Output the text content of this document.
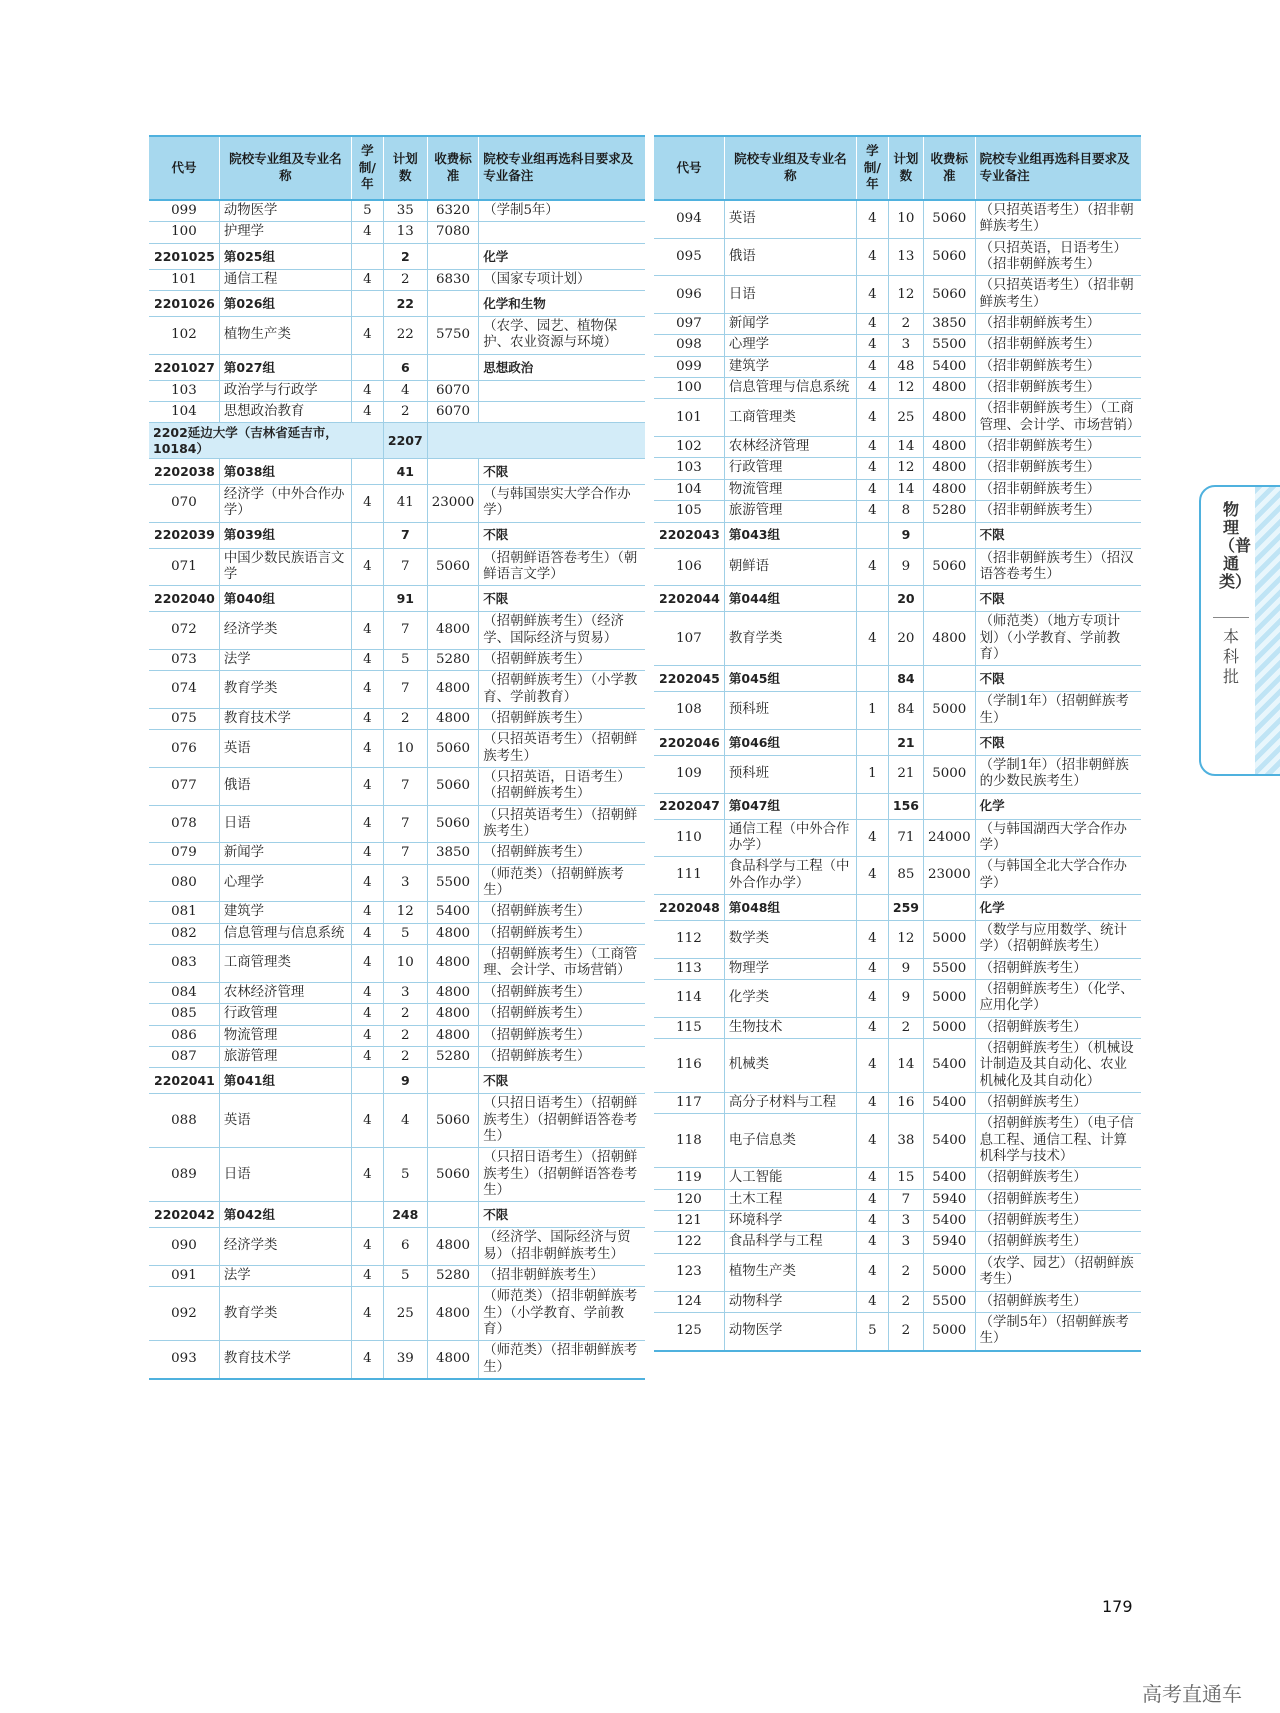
代号	院校专业组及专业名称	学制/年	计划数	收费标准	院校专业组再选科目要求及专业备注
099	动物医学	5	35	6320	（学制5年）
100	护理学	4	13	7080	
2201025	第025组		2		化学
101	通信工程	4	2	6830	（国家专项计划）
2201026	第026组		22		化学和生物
102	植物生产类	4	22	5750	（农学、园艺、植物保护、农业资源与环境）
2201027	第027组		6		思想政治
103	政治学与行政学	4	4	6070	
104	思想政治教育	4	2	6070	
2202延边大学（吉林省延吉市，10184）			2207		
2202038	第038组		41		不限
070	经济学（中外合作办学）	4	41	23000	（与韩国崇实大学合作办学）
2202039	第039组		7		不限
071	中国少数民族语言文学	4	7	5060	（招朝鲜语答卷考生）（朝鲜语言文学）
2202040	第040组		91		不限
072	经济学类	4	7	4800	（招朝鲜族考生）（经济学、国际经济与贸易）
073	法学	4	5	5280	（招朝鲜族考生）
074	教育学类	4	7	4800	（招朝鲜族考生）（小学教育、学前教育）
075	教育技术学	4	2	4800	（招朝鲜族考生）
076	英语	4	10	5060	（只招英语考生）（招朝鲜族考生）
077	俄语	4	7	5060	（只招英语，日语考生）（招朝鲜族考生）
078	日语	4	7	5060	（只招英语考生）（招朝鲜族考生）
079	新闻学	4	7	3850	（招朝鲜族考生）
080	心理学	4	3	5500	（师范类）（招朝鲜族考生）
081	建筑学	4	12	5400	（招朝鲜族考生）
082	信息管理与信息系统	4	5	4800	（招朝鲜族考生）
083	工商管理类	4	10	4800	（招朝鲜族考生）（工商管理、会计学、市场营销）
084	农林经济管理	4	3	4800	（招朝鲜族考生）
085	行政管理	4	2	4800	（招朝鲜族考生）
086	物流管理	4	2	4800	（招朝鲜族考生）
087	旅游管理	4	2	5280	（招朝鲜族考生）
2202041	第041组		9		不限
088	英语	4	4	5060	（只招日语考生）（招朝鲜族考生）（招朝鲜语答卷考生）
089	日语	4	5	5060	（只招日语考生）（招朝鲜族考生）（招朝鲜语答卷考生）
2202042	第042组		248		不限
090	经济学类	4	6	4800	（经济学、国际经济与贸易）（招非朝鲜族考生）
091	法学	4	5	5280	（招非朝鲜族考生）
092	教育学类	4	25	4800	（师范类）（招非朝鲜族考生）（小学教育、学前教育）
093	教育技术学	4	39	4800	（师范类）（招非朝鲜族考生）
代号	院校专业组及专业名称	学制/年	计划数	收费标准	院校专业组再选科目要求及专业备注
094	英语	4	10	5060	（只招英语考生）（招非朝鲜族考生）
095	俄语	4	13	5060	（只招英语，日语考生）（招非朝鲜族考生）
096	日语	4	12	5060	（只招英语考生）（招非朝鲜族考生）
097	新闻学	4	2	3850	（招非朝鲜族考生）
098	心理学	4	3	5500	（招非朝鲜族考生）
099	建筑学	4	48	5400	（招非朝鲜族考生）
100	信息管理与信息系统	4	12	4800	（招非朝鲜族考生）
101	工商管理类	4	25	4800	（招非朝鲜族考生）（工商管理、会计学、市场营销）
102	农林经济管理	4	14	4800	（招非朝鲜族考生）
103	行政管理	4	12	4800	（招非朝鲜族考生）
104	物流管理	4	14	4800	（招非朝鲜族考生）
105	旅游管理	4	8	5280	（招非朝鲜族考生）
2202043	第043组		9		不限
106	朝鲜语	4	9	5060	（招非朝鲜族考生）（招汉语答卷考生）
2202044	第044组		20		不限
107	教育学类	4	20	4800	（师范类）（地方专项计划）（小学教育、学前教育）
2202045	第045组		84		不限
108	预科班	1	84	5000	（学制1年）（招朝鲜族考生）
2202046	第046组		21		不限
109	预科班	1	21	5000	（学制1年）（招非朝鲜族的少数民族考生）
2202047	第047组		156		化学
110	通信工程（中外合作办学）	4	71	24000	（与韩国湖西大学合作办学）
111	食品科学与工程（中外合作办学）	4	85	23000	（与韩国全北大学合作办学）
2202048	第048组		259		化学
112	数学类	4	12	5000	（数学与应用数学、统计学）（招朝鲜族考生）
113	物理学	4	9	5500	（招朝鲜族考生）
114	化学类	4	9	5000	（招朝鲜族考生）（化学、应用化学）
115	生物技术	4	2	5000	（招朝鲜族考生）
116	机械类	4	14	5400	（招朝鲜族考生）（机械设计制造及其自动化、农业机械化及其自动化）
117	高分子材料与工程	4	16	5400	（招朝鲜族考生）
118	电子信息类	4	38	5400	（招朝鲜族考生）（电子信息工程、通信工程、计算机科学与技术）
119	人工智能	4	15	5400	（招朝鲜族考生）
120	土木工程	4	7	5940	（招朝鲜族考生）
121	环境科学	4	3	5400	（招朝鲜族考生）
122	食品科学与工程	4	3	5940	（招朝鲜族考生）
123	植物生产类	4	2	5000	（农学、园艺）（招朝鲜族考生）
124	动物科学	4	2	5500	（招朝鲜族考生）
125	动物医学	5	2	5000	（学制5年）（招朝鲜族考生）
物理（普通类）
本科批
179
高考直通车
